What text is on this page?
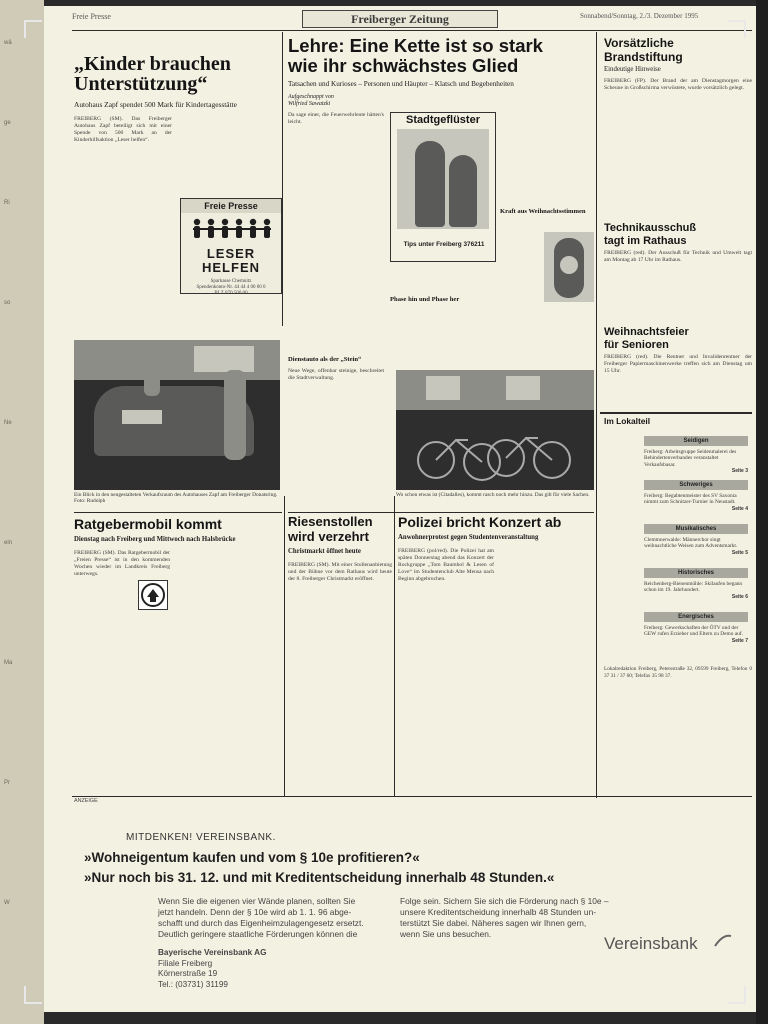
wä
ge
Ri
so
Ne
ein
Ma
Pr
W
Freie Presse	Freiberger Zeitung	Sonnabend/Sonntag, 2./3. Dezember 1995
„Kinder brauchen
Unterstützung“
Autohaus Zapf spendet 500 Mark für Kindertagesstätte
FREIBERG (SM). Das Freiberger Autohaus Zapf beteiligt sich mit einer Spende von 500 Mark an der Kinderhilfsaktion „Leser helfen“.
Freie Presse
LESER
HELFEN
Sparkasse Chemnitz
Spendenkonto-Nr. 44 44 4 00 00 0
BLZ 870 500 00
Ein Blick in den neugestalteten Verkaufsraum des Autohauses Zapf am Freiberger Donatsring. Foto: Rudolph
Ratgebermobil kommt
Dienstag nach Freiberg und Mittwoch nach Halsbrücke
FREIBERG (SM). Das Ratgebermobil der „Freien Presse“ ist in den kommenden Wochen wieder im Landkreis Freiberg unterwegs.
Lehre: Eine Kette ist so stark
wie ihr schwächstes Glied
Tatsachen und Kurioses – Personen und Häupter – Klatsch und Begebenheiten
Aufgeschnappt von
Wilfried Sawatzki
Da sage einer, die Feuerwehrleute hätten's leicht.
Dienstauto als der „Stein“
Neue Wege, offenbar steinige, beschreitet die Stadtverwaltung.
Stadtgeflüster
Tips unter Freiberg 376211
Phase hin und Phase her
Kraft aus Weihnachtsstimmen
Wo schon etwas ist (Citadalles), kommt rasch noch mehr hinzu. Das gilt für viele Sachen.
Riesenstollen
wird verzehrt
Christmarkt öffnet heute
FREIBERG (SM). Mit einer Stollenanbietung und der Bühne vor dem Rathaus wird heute der 8. Freiberger Christmarkt eröffnet.
Polizei bricht Konzert ab
Anwohnerprotest gegen Studentenveranstaltung
FREIBERG (pol/red). Die Polizei hat am späten Donnerstag abend das Konzert der Rockgruppe „Tom Baumhol & Lesen of Love“ im Studentenclub Alte Mensa nach Beginn abgebrochen.
Vorsätzliche
Brandstiftung
Eindeutige Hinweise
FREIBERG (FP). Der Brand der am Dienstagmorgen eine Scheune in Großschirma verwüstete, wurde vorsätzlich gelegt.
Technikausschuß
tagt im Rathaus
FREIBERG (red). Der Ausschuß für Technik und Umwelt tagt am Montag ab 17 Uhr im Rathaus.
Weihnachtsfeier
für Senioren
FREIBERG (red). Die Rentner und Invalidenrentner der Freiberger Papiermaschinenwerke treffen sich am Dienstag um 15 Uhr.
Im Lokalteil
Seidigen
Freiberg: Arbeitsgruppe Seidenmalerei des Behindertenverbandes veranstaltet Verkaufsbasar.
Seite 3
Schweriges
Freiberg: Begabtenmeister des SV Saxonia nimmt zum Schnitzer-Turnier in Neustadt.
Seite 4
Musikalisches
Clemmnerwalde: Männerchor singt weihnachtliche Weisen zum Adventsmarkt.
Seite 5
Historisches
Reichenberg-Bienenmühle: Skilaufen begann schon im 19. Jahrhundert.
Seite 6
Energisches
Freiberg: Gewerkschaften der ÖTV und der GEW rufen Erzieher und Eltern zu Demo auf.
Seite 7
Lokalredaktion Freiberg, Petersstraße 32, 09599 Freiberg, Telefon 0 37 31 / 37 60; Telefax 35 98 37.
ANZEIGE
MITDENKEN! VEREINSBANK.
»Wohneigentum kaufen und vom § 10e profitieren?«
»Nur noch bis 31. 12. und mit Kreditentscheidung innerhalb 48 Stunden.«
Wenn Sie die eigenen vier Wände planen, sollten Sie
jetzt handeln. Denn der § 10e wird ab 1. 1. 96 abge-
schafft und durch das Eigenheimzulagengesetz ersetzt.
Deutlich geringere staatliche Förderungen können die
Folge sein. Sichern Sie sich die Förderung nach § 10e –
unsere Kreditentscheidung innerhalb 48 Stunden un-
terstützt Sie dabei. Näheres sagen wir Ihnen gern,
wenn Sie uns besuchen.
Bayerische Vereinsbank AG
Filiale Freiberg
Körnerstraße 19
Tel.: (03731) 31199
Vereinsbank
